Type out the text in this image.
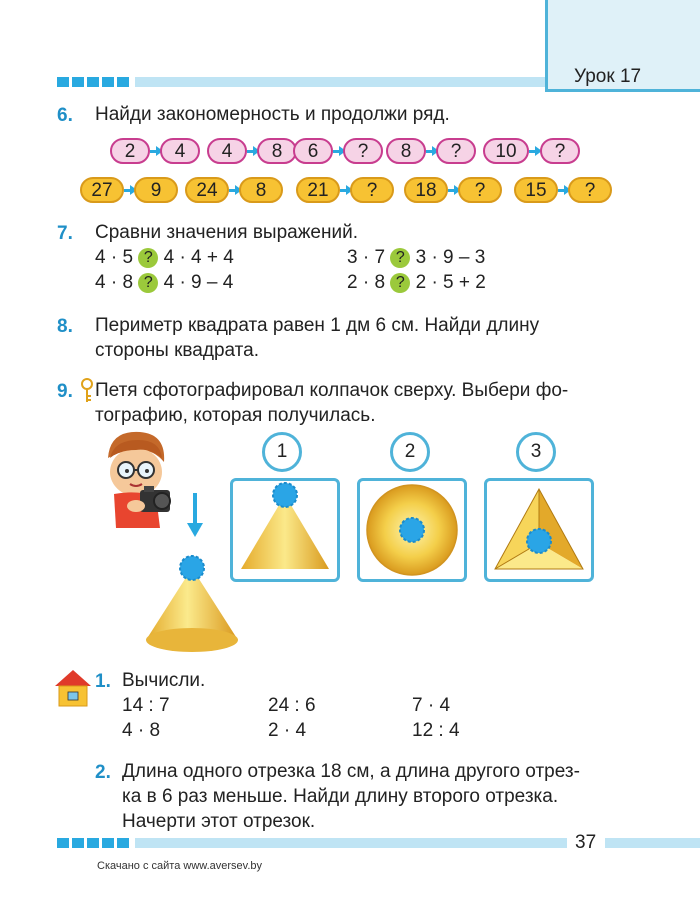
Урок 17
6. Найди закономерность и продолжи ряд.
2	4	4	8	6	?	8	?	10	?
27	9	24	8	21	?	18	?	15	?
7. Сравни значения выражений.
4 · 5 ? 4 · 4 + 4	3 · 7 ? 3 · 9 – 3
4 · 8 ? 4 · 9 – 4	2 · 8 ? 2 · 5 + 2
8. Периметр квадрата равен 1 дм 6 см. Найди длину
стороны квадрата.
9. Петя сфотографировал колпачок сверху. Выбери фо-
тографию, которая получилась.
1	2	3
1. Вычисли.
14 : 7	24 : 6	7 · 4
4 · 8	2 · 4	12 : 4
2. Длина одного отрезка 18 см, а длина другого отрез-
ка в 6 раз меньше. Найди длину второго отрезка.
Начерти этот отрезок.
37
Скачано с сайта www.aversev.by
